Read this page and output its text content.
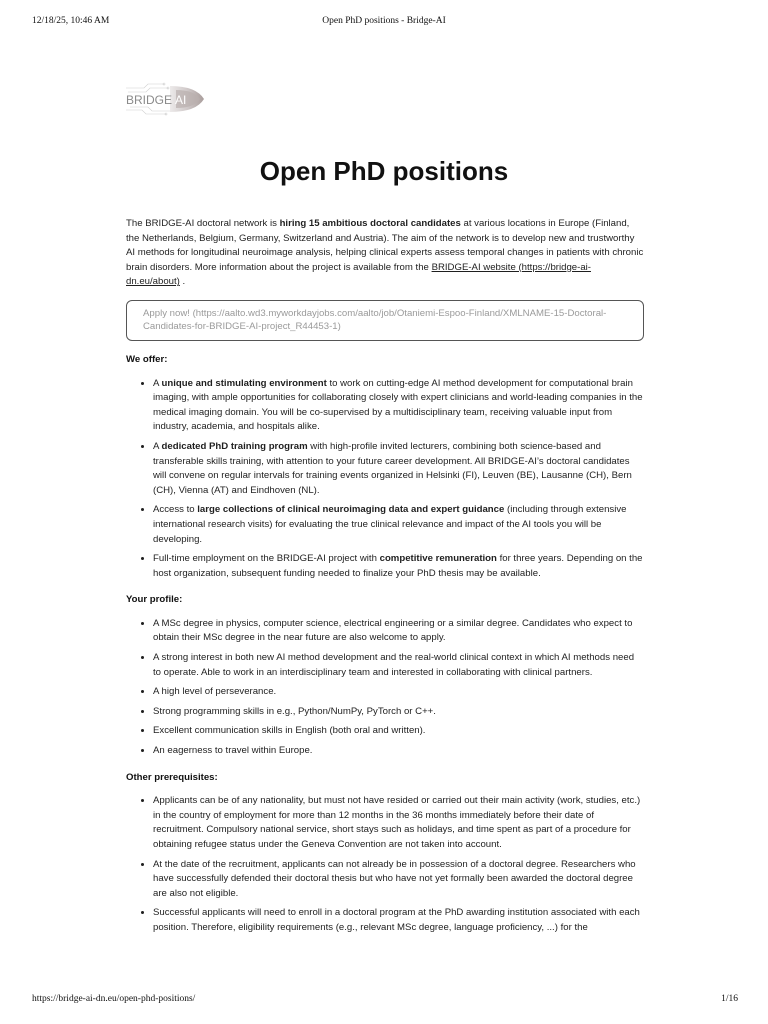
12/18/25, 10:46 AM	Open PhD positions - Bridge-AI
BRIDGE AI
Open PhD positions

The BRIDGE-AI doctoral network is hiring 15 ambitious doctoral candidates at various locations in Europe (Finland, the Netherlands, Belgium, Germany, Switzerland and Austria). The aim of the network is to develop new and trustworthy AI methods for longitudinal neuroimage analysis, helping clinical experts assess temporal changes in patients with chronic brain disorders. More information about the project is available from the BRIDGE-AI website (https://bridge-ai-dn.eu/about) .

Apply now! (https://aalto.wd3.myworkdayjobs.com/aalto/job/Otaniemi-Espoo-Finland/XMLNAME-15-Doctoral-Candidates-for-BRIDGE-AI-project_R44453-1)
We offer:
• A unique and stimulating environment to work on cutting-edge AI method development for computational brain imaging, with ample opportunities for collaborating closely with expert clinicians and world-leading companies in the medical imaging domain. You will be co-supervised by a multidisciplinary team, receiving valuable input from industry, academia, and hospitals alike.
• A dedicated PhD training program with high-profile invited lecturers, combining both science-based and transferable skills training, with attention to your future career development. All BRIDGE-AI’s doctoral candidates will convene on regular intervals for training events organized in Helsinki (FI), Leuven (BE), Lausanne (CH), Bern (CH), Vienna (AT) and Eindhoven (NL).
• Access to large collections of clinical neuroimaging data and expert guidance (including through extensive international research visits) for evaluating the true clinical relevance and impact of the AI tools you will be developing.
• Full-time employment on the BRIDGE-AI project with competitive remuneration for three years. Depending on the host organization, subsequent funding needed to finalize your PhD thesis may be available.
Your profile:
• A MSc degree in physics, computer science, electrical engineering or a similar degree. Candidates who expect to obtain their MSc degree in the near future are also welcome to apply.
• A strong interest in both new AI method development and the real-world clinical context in which AI methods need to operate. Able to work in an interdisciplinary team and interested in collaborating with clinical partners.
• A high level of perseverance.
• Strong programming skills in e.g., Python/NumPy, PyTorch or C++.
• Excellent communication skills in English (both oral and written).
• An eagerness to travel within Europe.
Other prerequisites:
• Applicants can be of any nationality, but must not have resided or carried out their main activity (work, studies, etc.) in the country of employment for more than 12 months in the 36 months immediately before their date of recruitment. Compulsory national service, short stays such as holidays, and time spent as part of a procedure for obtaining refugee status under the Geneva Convention are not taken into account.
• At the date of the recruitment, applicants can not already be in possession of a doctoral degree. Researchers who have successfully defended their doctoral thesis but who have not yet formally been awarded the doctoral degree are also not eligible.
• Successful applicants will need to enroll in a doctoral program at the PhD awarding institution associated with each position. Therefore, eligibility requirements (e.g., relevant MSc degree, language proficiency, ...) for the
https://bridge-ai-dn.eu/open-phd-positions/	1/16
